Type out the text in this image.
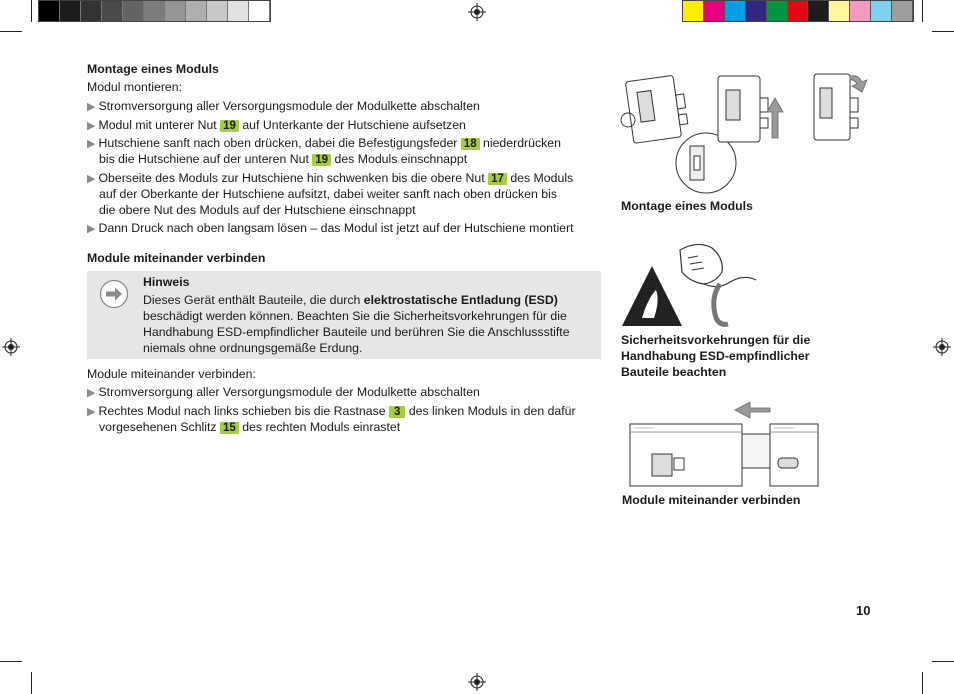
Montage eines Moduls
Modul montieren:
▶ Stromversorgung aller Versorgungsmodule der Modulkette abschalten
▶ Modul mit unterer Nut 19 auf Unterkante der Hutschiene aufsetzen
▶ Hutschiene sanft nach oben drücken, dabei die Befestigungsfeder 18 niederdrücken
bis die Hutschiene auf der unteren Nut 19 des Moduls einschnappt
▶ Oberseite des Moduls zur Hutschiene hin schwenken bis die obere Nut 17 des Moduls
auf der Oberkante der Hutschiene aufsitzt, dabei weiter sanft nach oben drücken bis
die obere Nut des Moduls auf der Hutschiene einschnappt
▶ Dann Druck nach oben langsam lösen – das Modul ist jetzt auf der Hutschiene montiert
Module miteinander verbinden
Hinweis
Dieses Gerät enthält Bauteile, die durch elektrostatische Entladung (ESD)
beschädigt werden können. Beachten Sie die Sicherheitsvorkehrungen für die
Handhabung ESD-empfindlicher Bauteile und berühren Sie die Anschlussstifte
niemals ohne ordnungsgemäße Erdung.
Module miteinander verbinden:
▶ Stromversorgung aller Versorgungsmodule der Modulkette abschalten
▶ Rechtes Modul nach links schieben bis die Rastnase 3 des linken Moduls in den dafür
vorgesehenen Schlitz 15 des rechten Moduls einrastet
Montage eines Moduls
Sicherheitsvorkehrungen für die
Handhabung ESD-empfindlicher
Bauteile beachten
Module miteinander verbinden
10
